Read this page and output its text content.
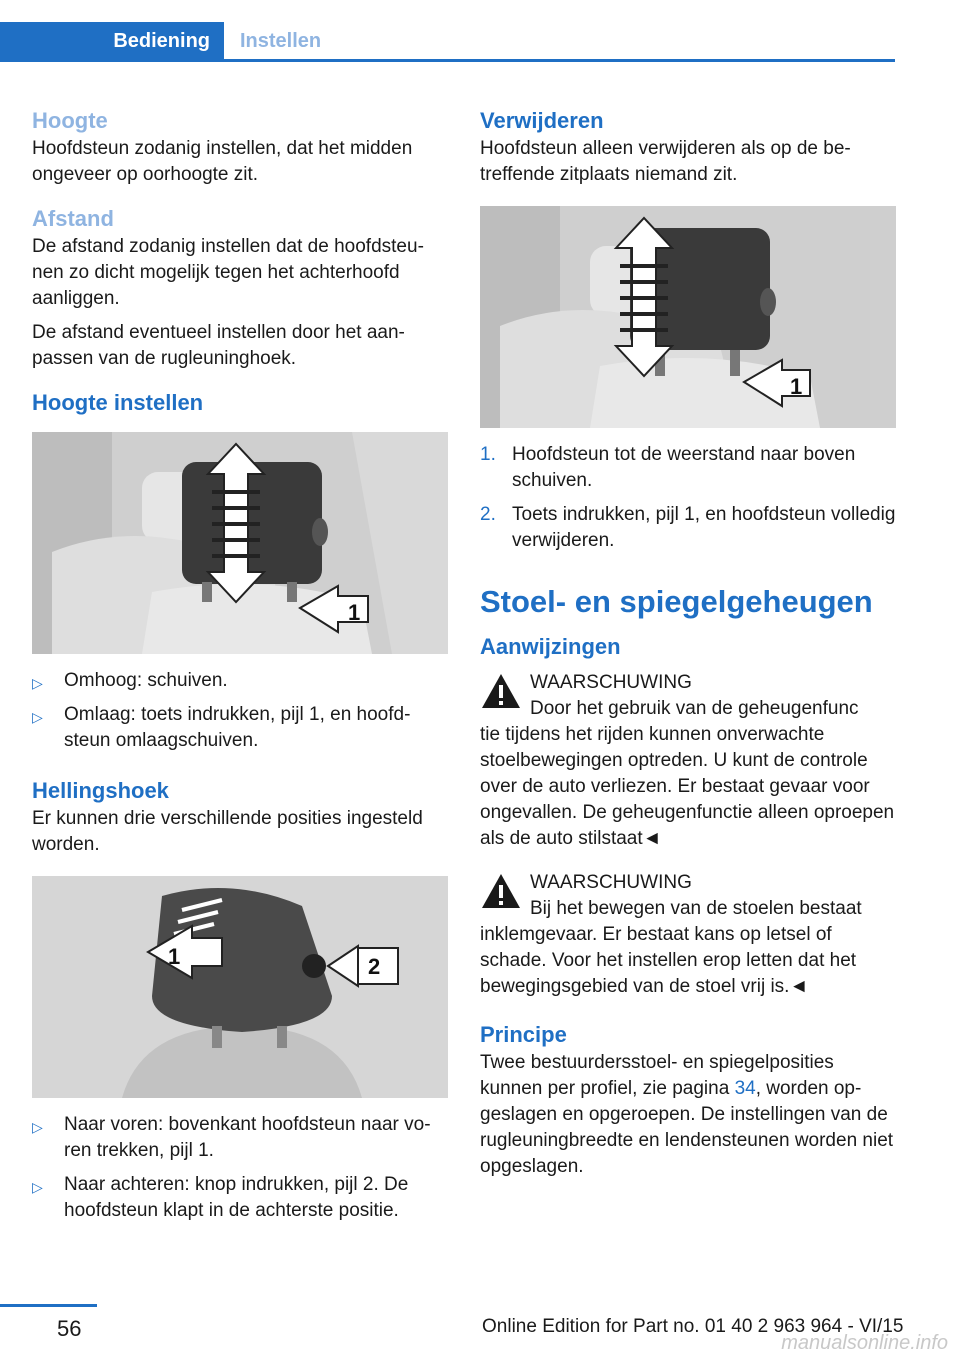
Bediening	Instellen
Hoogte
Hoofdsteun zodanig instellen, dat het midden ongeveer op oorhoogte zit.
Afstand
De afstand zodanig instellen dat de hoofdsteunen zo dicht mogelijk tegen het achterhoofd aanliggen.
De afstand eventueel instellen door het aanpassen van de rugleuninghoek.
Hoogte instellen
1
▷ Omhoog: schuiven.
▷ Omlaag: toets indrukken, pijl 1, en hoofdsteun omlaagschuiven.
Hellingshoek
Er kunnen drie verschillende posities ingesteld worden.
1	2
▷ Naar voren: bovenkant hoofdsteun naar voren trekken, pijl 1.
▷ Naar achteren: knop indrukken, pijl 2. De hoofdsteun klapt in de achterste positie.
Verwijderen
Hoofdsteun alleen verwijderen als op de betreffende zitplaats niemand zit.
1
1. Hoofdsteun tot de weerstand naar boven schuiven.
2. Toets indrukken, pijl 1, en hoofdsteun volledig verwijderen.
Stoel- en spiegelgeheugen
Aanwijzingen
WAARSCHUWING
Door het gebruik van de geheugenfunc
tie tijdens het rijden kunnen onverwachte stoelbewegingen optreden. U kunt de controle over de auto verliezen. Er bestaat gevaar voor ongevallen. De geheugenfunctie alleen oproepen als de auto stilstaat◄
WAARSCHUWING
Bij het bewegen van de stoelen bestaat
inklemgevaar. Er bestaat kans op letsel of schade. Voor het instellen erop letten dat het bewegingsgebied van de stoel vrij is.◄
Principe
Twee bestuurdersstoel- en spiegelposities kunnen per profiel, zie pagina 34, worden opgeslagen en opgeroepen. De instellingen van de rugleuningbreedte en lendensteunen worden niet opgeslagen.
56	Online Edition for Part no. 01 40 2 963 964 - VI/15
manualsonline.info
